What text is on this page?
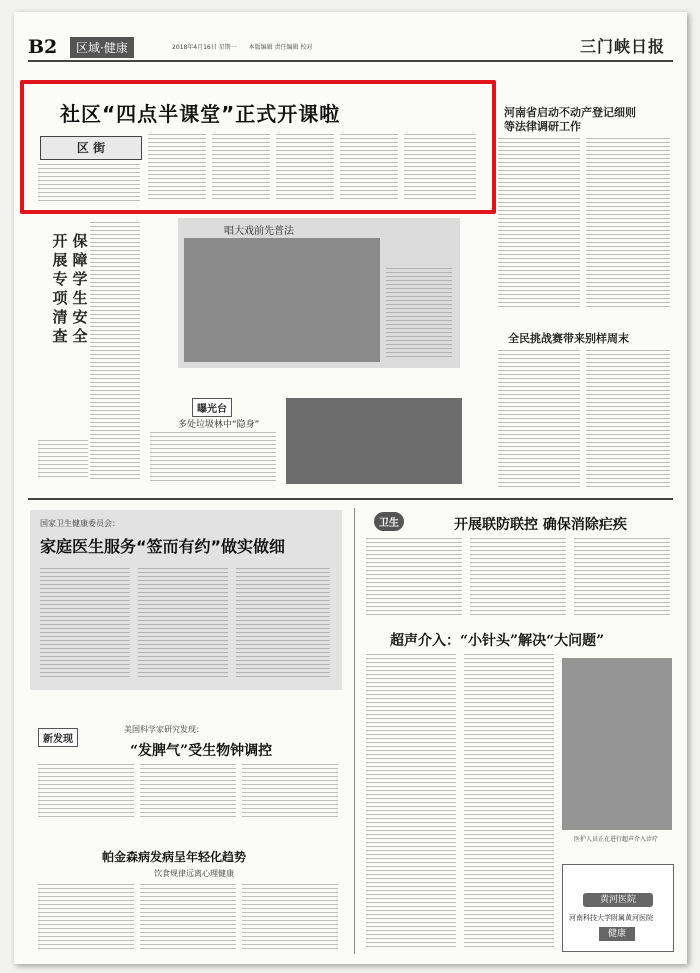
B2	区域·健康	2018年4月16日 星期一　　本版编辑 责任编辑 校对	三门峡日报
社区“四点半课堂”正式开课啦
区 街
河南省启动不动产登记细则
等法律调研工作
全民挑战赛带来别样周末
开
展
专
项
清
查
保
障
学
生
安
全
唱大戏前先普法
曝光台
多处垃圾林中“隐身”
国家卫生健康委员会：
家庭医生服务“签而有约”做实做细
卫生	开展联防联控 确保消除疟疾
超声介入：“小针头”解决“大问题”
医护人员正在进行超声介入诊疗
黄河医院
河南科技大学附属黄河医院
健康
新发现
美国科学家研究发现：
“发脾气”受生物钟调控
帕金森病发病呈年轻化趋势
饮食规律远离心理健康
